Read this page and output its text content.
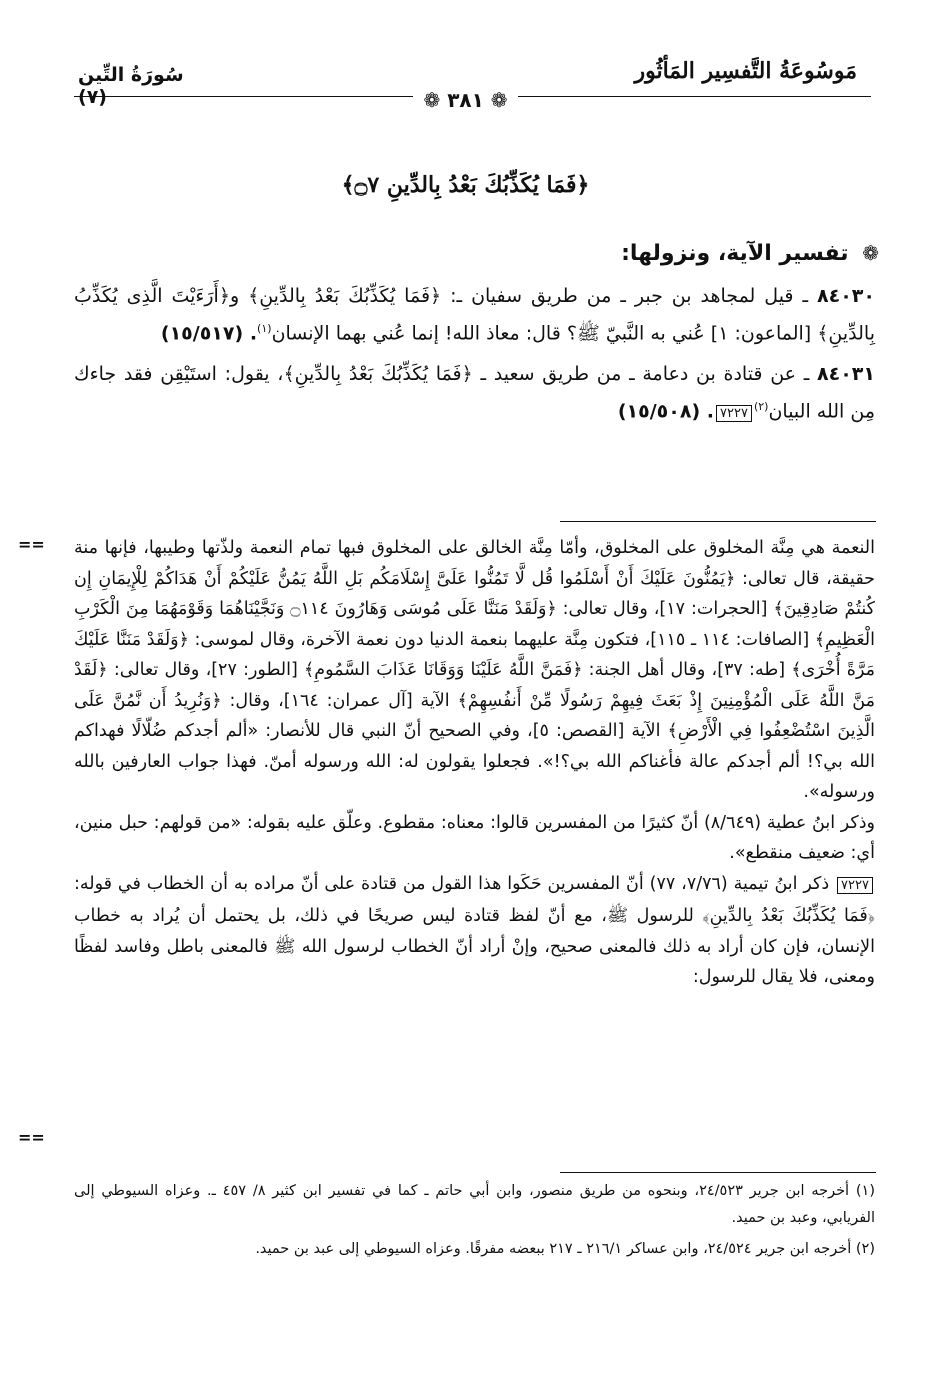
سُورَةُ التِّين (٧)
مَوسُوعَةُ التَّفسِير المَأثُور
❁ ٣٨١ ❁
﴿فَمَا يُكَذِّبُكَ بَعْدُ بِالدِّينِ ۝٧﴾
❁ تفسير الآية، ونزولها:

٨٤٠٣٠ ـ قيل لمجاهد بن جبر ـ من طريق سفيان ـ: ﴿فَمَا يُكَذِّبُكَ بَعْدُ بِالدِّينِ﴾ و﴿أَرَءَيْتَ الَّذِى يُكَذِّبُ بِالدِّينِ﴾ [الماعون: ١] عُني به النَّبيّ ﷺ؟ قال: معاذ الله! إنما عُني بهما الإنسان$^{(١)}$. (١٥/٥١٧)

٨٤٠٣١ ـ عن قتادة بن دعامة ـ من طريق سعيد ـ ﴿فَمَا يُكَذِّبُكَ بَعْدُ بِالدِّينِ﴾، يقول: استَيْقِن فقد جاءك مِن الله البيان$^{(٢)}$٧٢٢٧. (١٥/٥٠٨)

==
==

النعمة هي مِنَّة المخلوق على المخلوق، وأمّا مِنَّة الخالق على المخلوق فبها تمام النعمة ولذّتها وطيبها، فإنها منة حقيقة، قال تعالى: ﴿يَمُنُّونَ عَلَيْكَ أَنْ أَسْلَمُوا قُل لَّا تَمُنُّوا عَلَىَّ إِسْلَامَكُم بَلِ اللَّهُ يَمُنُّ عَلَيْكُمْ أَنْ هَدَاكُمْ لِلْإِيمَانِ إِن كُنتُمْ صَادِقِينَ﴾ [الحجرات: ١٧]، وقال تعالى: ﴿وَلَقَدْ مَنَنَّا عَلَى مُوسَى وَهَارُونَ ۝١١٤ وَنَجَّيْنَاهُمَا وَقَوْمَهُمَا مِنَ الْكَرْبِ الْعَظِيمِ﴾ [الصافات: ١١٤ ـ ١١٥]، فتكون مِنَّة عليهما بنعمة الدنيا دون نعمة الآخرة، وقال لموسى: ﴿وَلَقَدْ مَنَنَّا عَلَيْكَ مَرَّةً أُخْرَى﴾ [طه: ٣٧]، وقال أهل الجنة: ﴿فَمَنَّ اللَّهُ عَلَيْنَا وَوَقَانَا عَذَابَ السَّمُومِ﴾ [الطور: ٢٧]، وقال تعالى: ﴿لَقَدْ مَنَّ اللَّهُ عَلَى الْمُؤْمِنِينَ إِذْ بَعَثَ فِيهِمْ رَسُولًا مِّنْ أَنفُسِهِمْ﴾ الآية [آل عمران: ١٦٤]، وقال: ﴿وَنُرِيدُ أَن نَّمُنَّ عَلَى الَّذِينَ اسْتُضْعِفُوا فِي الْأَرْضِ﴾ الآية [القصص: ٥]، وفي الصحيح أنّ النبي قال للأنصار: «ألم أجدكم ضُلّالًا فهداكم الله بي؟! ألم أجدكم عالة فأغناكم الله بي؟!». فجعلوا يقولون له: الله ورسوله أمنّ. فهذا جواب العارفين بالله ورسوله».

وذكر ابنُ عطية (٨/٦٤٩) أنّ كثيرًا من المفسرين قالوا: معناه: مقطوع. وعلّق عليه بقوله: «من قولهم: حبل منين، أي: ضعيف منقطع».

٧٢٢٧ ذكر ابنُ تيمية (٧/٧٦، ٧٧) أنّ المفسرين حَكَوا هذا القول من قتادة على أنّ مراده به أن الخطاب في قوله: ﴿فَمَا يُكَذِّبُكَ بَعْدُ بِالدِّينِ﴾ للرسول ﷺ، مع أنّ لفظ قتادة ليس صريحًا في ذلك، بل يحتمل أن يُراد به خطاب الإنسان، فإن كان أراد به ذلك فالمعنى صحيح، وإنْ أراد أنّ الخطاب لرسول الله ﷺ فالمعنى باطل وفاسد لفظًا ومعنى، فلا يقال للرسول:

(١) أخرجه ابن جرير ٢٤/٥٢٣، وبنحوه من طريق منصور، وابن أبي حاتم ـ كما في تفسير ابن كثير ٨/ ٤٥٧ ـ. وعزاه السيوطي إلى الفريابي، وعبد بن حميد.

(٢) أخرجه ابن جرير ٢٤/٥٢٤، وابن عساكر ٢١٦/١ ـ ٢١٧ ببعضه مفرقًا. وعزاه السيوطي إلى عبد بن حميد.
